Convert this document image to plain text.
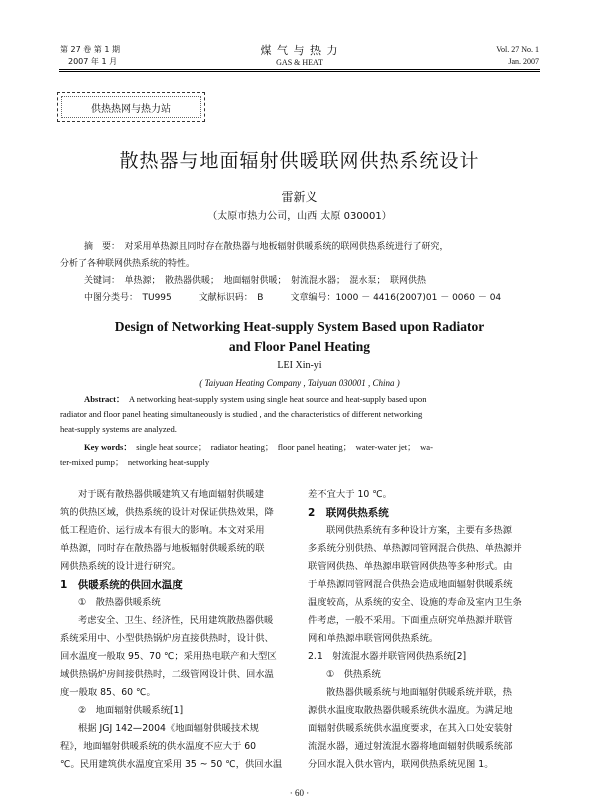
第 27 卷 第 1 期
2007 年 1 月
煤 气 与 热 力
GAS & HEAT
Vol. 27 No. 1
Jan. 2007
供热热网与热力站
散热器与地面辐射供暖联网供热系统设计
雷新义
（太原市热力公司，山西 太原 030001）
摘　要：　对采用单热源且同时存在散热器与地板辐射供暖系统的联网供热系统进行了研究，
分析了各种联网供热系统的特性。
关键词：　单热源；　散热器供暖；　地面辐射供暖；　射流混水器；　混水泵；　联网供热
中图分类号：　TU995　　　文献标识码：　B　　　文章编号：1000 － 4416(2007)01 － 0060 － 04
Design of Networking Heat-supply System Based upon Radiator
and Floor Panel Heating
LEI Xin-yi
( Taiyuan Heating Company , Taiyuan 030001 , China )
Abstract： A networking heat-supply system using single heat source and heat-supply based upon
radiator and floor panel heating simultaneously is studied , and the characteristics of different networking
heat-supply systems are analyzed.
Key words： single heat source；　radiator heating；　floor panel heating；　water-water jet；　wa-
ter-mixed pump；　networking heat-supply
对于既有散热器供暖建筑又有地面辐射供暖建
筑的供热区域，供热系统的设计对保证供热效果，降
低工程造价、运行成本有很大的影响。本文对采用
单热源，同时存在散热器与地板辐射供暖系统的联
网供热系统的设计进行研究。
1　供暖系统的供回水温度
①　散热器供暖系统
考虑安全、卫生、经济性，民用建筑散热器供暖
系统采用中、小型供热锅炉房直接供热时，设计供、
回水温度一般取 95、70 ℃；采用热电联产和大型区
域供热锅炉房间接供热时，二级管网设计供、回水温
度一般取 85、60 ℃。
②　地面辐射供暖系统[1]
根据 JGJ 142—2004《地面辐射供暖技术规
程》，地面辐射供暖系统的供水温度不应大于 60
℃。民用建筑供水温度宜采用 35 ~ 50 ℃，供回水温
差不宜大于 10 ℃。
2　联网供热系统
联网供热系统有多种设计方案，主要有多热源
多系统分别供热、单热源同管网混合供热、单热源并
联管网供热、单热源串联管网供热等多种形式。由
于单热源同管网混合供热会造成地面辐射供暖系统
温度较高，从系统的安全、设施的寿命及室内卫生条
件考虑，一般不采用。下面重点研究单热源并联管
网和单热源串联管网供热系统。
2.1　射流混水器并联管网供热系统[2]
①　供热系统
散热器供暖系统与地面辐射供暖系统并联，热
源供水温度取散热器供暖系统供水温度。为满足地
面辐射供暖系统供水温度要求，在其入口处安装射
流混水器，通过射流混水器将地面辐射供暖系统部
分回水混入供水管内，联网供热系统见图 1。
· 60 ·
